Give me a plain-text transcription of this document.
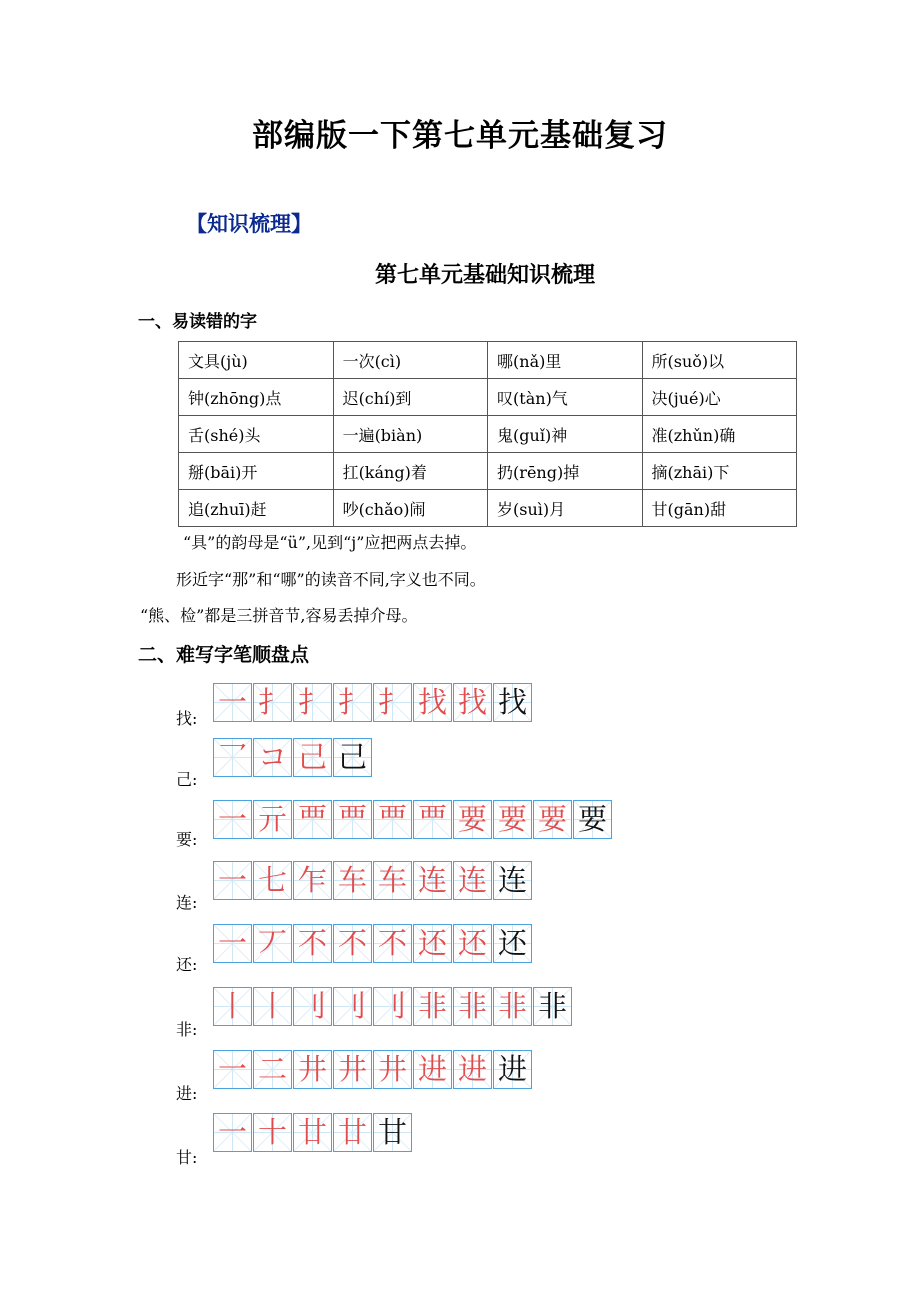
部编版一下第七单元基础复习
【知识梳理】
第七单元基础知识梳理
一、易读错的字
文具(jù)	一次(cì)	哪(nǎ)里	所(suǒ)以
钟(zhōng)点	迟(chí)到	叹(tàn)气	决(jué)心
舌(shé)头	一遍(biàn)	鬼(guǐ)神	准(zhǔn)确
掰(bāi)开	扛(káng)着	扔(rēng)掉	摘(zhāi)下
追(zhuī)赶	吵(chǎo)闹	岁(suì)月	甘(gān)甜
“具”的韵母是“ü”,见到“j”应把两点去掉。
形近字“那”和“哪”的读音不同,字义也不同。
“熊、检”都是三拼音节,容易丢掉介母。
二、难写字笔顺盘点
找: 一 扌 扌 扌 扌 找 找 找
己:
乛 コ 己 己
要:
一 亓 覀 覀 覀 覀 要 要 要 要
连:
一 七 乍 车 车 连 连 连
还:
一 丆 不 不 不 还 还 还
非:
丨 丨 刂 刂 刂 非 非 非 非
进:
一 二 井 井 井 进 进 进
甘:
一 十 廿 廿 甘
